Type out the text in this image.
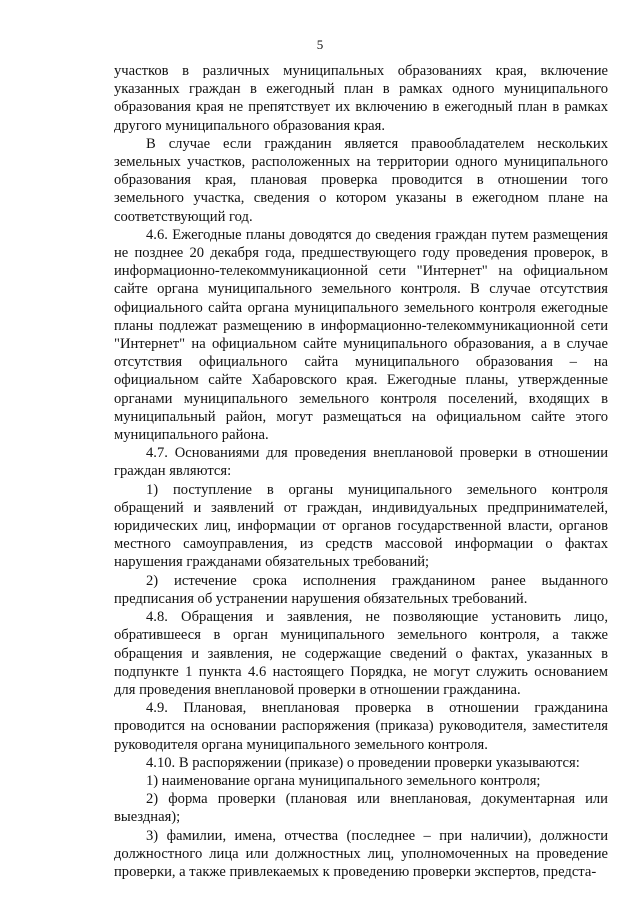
5

участков в различных муниципальных образованиях края, включение указанных граждан в ежегодный план в рамках одного муниципального образования края не препятствует их включению в ежегодный план в рамках другого муниципального образования края.

В случае если гражданин является правообладателем нескольких земельных участков, расположенных на территории одного муниципального образования края, плановая проверка проводится в отношении того земельного участка, сведения о котором указаны в ежегодном плане на соответствующий год.

4.6. Ежегодные планы доводятся до сведения граждан путем размещения не позднее 20 декабря года, предшествующего году проведения проверок, в информационно-телекоммуникационной сети "Интернет" на официальном сайте органа муниципального земельного контроля. В случае отсутствия официального сайта органа муниципального земельного контроля ежегодные планы подлежат размещению в информационно-телекоммуникационной сети "Интернет" на официальном сайте муниципального образования, а в случае отсутствия официального сайта муниципального образования – на официальном сайте Хабаровского края. Ежегодные планы, утвержденные органами муниципального земельного контроля поселений, входящих в муниципальный район, могут размещаться на официальном сайте этого муниципального района.

4.7. Основаниями для проведения внеплановой проверки в отношении граждан являются:

1) поступление в органы муниципального земельного контроля обращений и заявлений от граждан, индивидуальных предпринимателей, юридических лиц, информации от органов государственной власти, органов местного самоуправления, из средств массовой информации о фактах нарушения гражданами обязательных требований;

2) истечение срока исполнения гражданином ранее выданного предписания об устранении нарушения обязательных требований.

4.8. Обращения и заявления, не позволяющие установить лицо, обратившееся в орган муниципального земельного контроля, а также обращения и заявления, не содержащие сведений о фактах, указанных в подпункте 1 пункта 4.6 настоящего Порядка, не могут служить основанием для проведения внеплановой проверки в отношении гражданина.

4.9. Плановая, внеплановая проверка в отношении гражданина проводится на основании распоряжения (приказа) руководителя, заместителя руководителя органа муниципального земельного контроля.

4.10. В распоряжении (приказе) о проведении проверки указываются:

1) наименование органа муниципального земельного контроля;

2) форма проверки (плановая или внеплановая, документарная или выездная);

3) фамилии, имена, отчества (последнее – при наличии), должности должностного лица или должностных лиц, уполномоченных на проведение проверки, а также привлекаемых к проведению проверки экспертов, предста-
